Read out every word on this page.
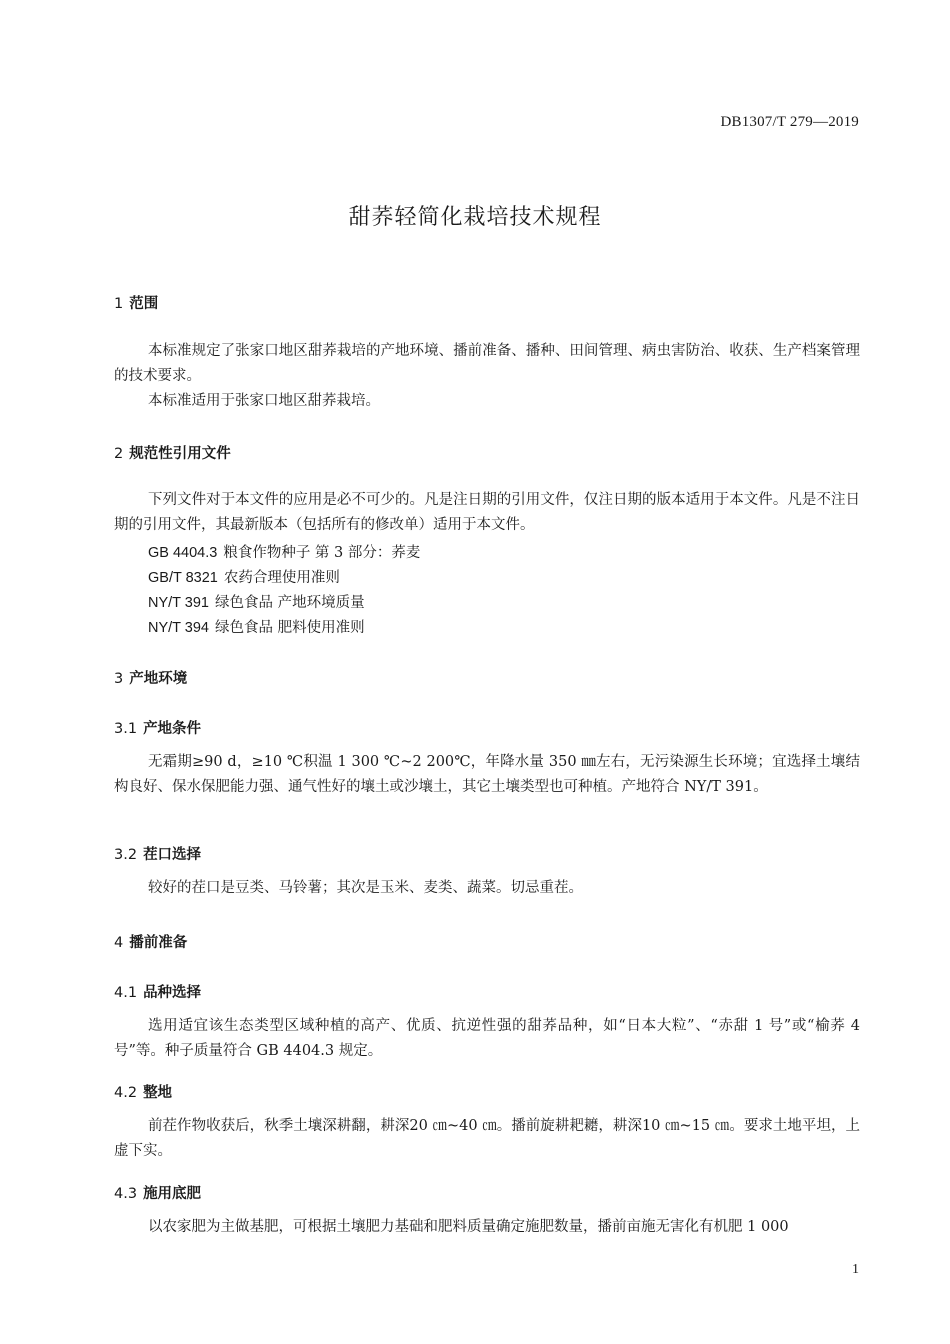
DB1307/T 279—2019
甜荞轻简化栽培技术规程
1 范围
本标准规定了张家口地区甜荞栽培的产地环境、播前准备、播种、田间管理、病虫害防治、收获、生产档案管理的技术要求。
本标准适用于张家口地区甜荞栽培。
2 规范性引用文件
下列文件对于本文件的应用是必不可少的。凡是注日期的引用文件，仅注日期的版本适用于本文件。凡是不注日期的引用文件，其最新版本（包括所有的修改单）适用于本文件。
GB 4404.3 粮食作物种子 第 3 部分：荞麦
GB/T 8321 农药合理使用准则
NY/T 391 绿色食品 产地环境质量
NY/T 394 绿色食品 肥料使用准则
3 产地环境
3.1 产地条件
无霜期≥90 d，≥10 ℃积温 1 300 ℃~2 200℃，年降水量 350 ㎜左右，无污染源生长环境；宜选择土壤结构良好、保水保肥能力强、通气性好的壤土或沙壤土，其它土壤类型也可种植。产地符合 NY/T 391。
3.2 茬口选择
较好的茬口是豆类、马铃薯；其次是玉米、麦类、蔬菜。切忌重茬。
4 播前准备
4.1 品种选择
选用适宜该生态类型区域种植的高产、优质、抗逆性强的甜荞品种，如“日本大粒”、“赤甜 1 号”或“榆荞 4 号”等。种子质量符合 GB 4404.3 规定。
4.2 整地
前茬作物收获后，秋季土壤深耕翻，耕深20 ㎝~40 ㎝。播前旋耕耙耱，耕深10 ㎝~15 ㎝。要求土地平坦，上虚下实。
4.3 施用底肥
以农家肥为主做基肥，可根据土壤肥力基础和肥料质量确定施肥数量，播前亩施无害化有机肥 1 000
1
